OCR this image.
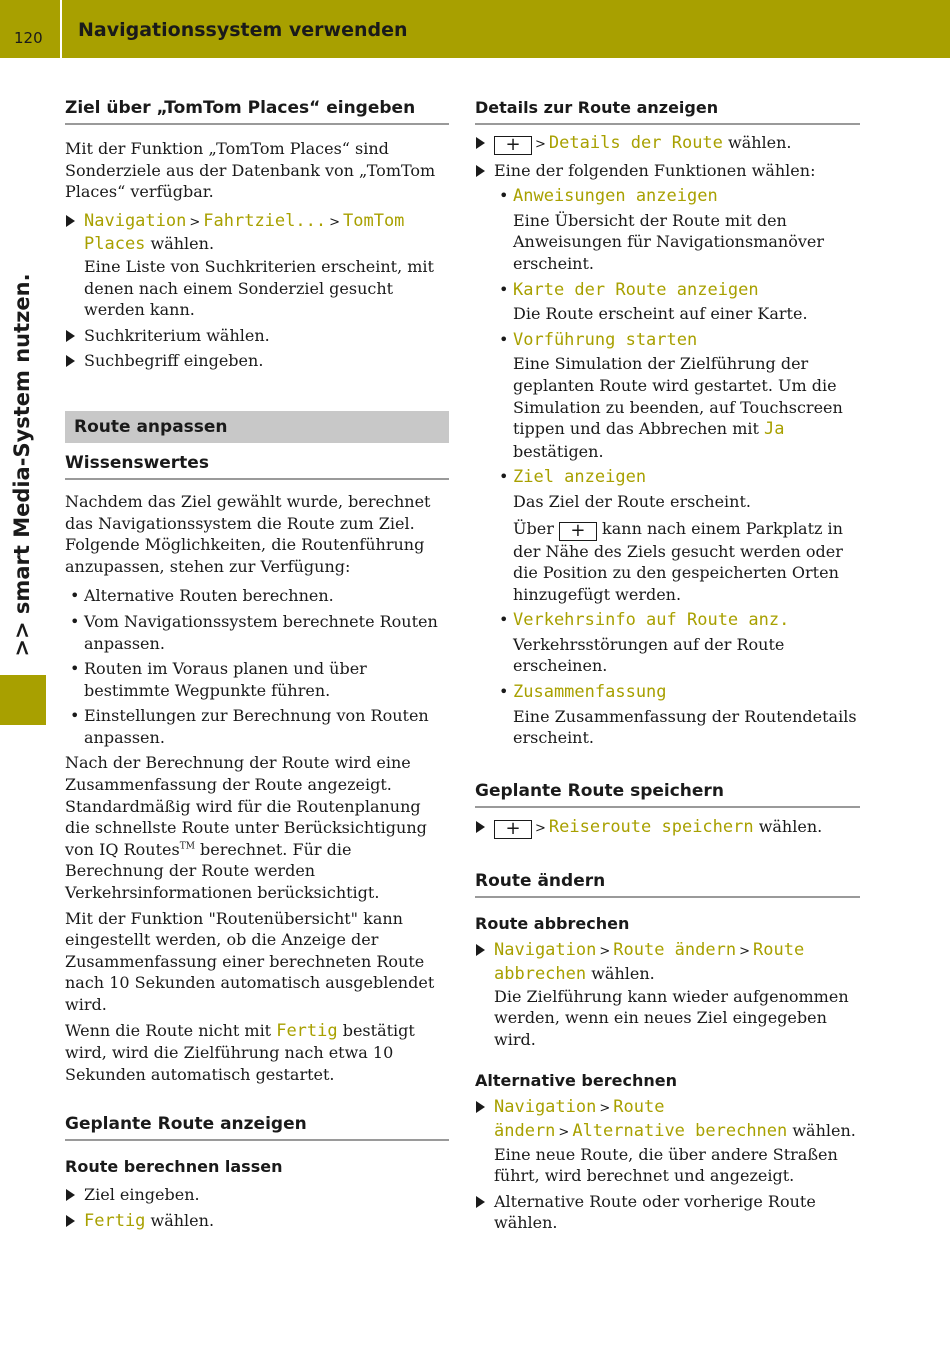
120 Navigationssystem verwenden
>> smart Media-System nutzen.
Ziel über „TomTom Places“ eingeben

Mit der Funktion „TomTom Places“ sind Sonderziele aus der Datenbank von „TomTom Places“ verfügbar.

Navigation > Fahrtziel... > TomTom Places wählen.
Eine Liste von Suchkriterien erscheint, mit denen nach einem Sonderziel gesucht werden kann.
Suchkriterium wählen.
Suchbegriff eingeben.
Route anpassen
Wissenswertes

Nachdem das Ziel gewählt wurde, berechnet das Navigationssystem die Route zum Ziel. Folgende Möglichkeiten, die Routenführung anzupassen, stehen zur Verfügung:

• Alternative Routen berechnen.
• Vom Navigationssystem berechnete Routen anpassen.
• Routen im Voraus planen und über bestimmte Wegpunkte führen.
• Einstellungen zur Berechnung von Routen anpassen.

Nach der Berechnung der Route wird eine Zusammenfassung der Route angezeigt. Standardmäßig wird für die Routenplanung die schnellste Route unter Berücksichtigung von IQ Routes™ berechnet. Für die Berechnung der Route werden Verkehrsinformationen berücksichtigt.

Mit der Funktion "Routenübersicht" kann eingestellt werden, ob die Anzeige der Zusammenfassung einer berechneten Route nach 10 Sekunden automatisch ausgeblendet wird.

Wenn die Route nicht mit Fertig bestätigt wird, wird die Zielführung nach etwa 10 Sekunden automatisch gestartet.

Geplante Route anzeigen
Route berechnen lassen
Ziel eingeben.
Fertig wählen.
Details zur Route anzeigen
+ > Details der Route wählen.
Eine der folgenden Funktionen wählen:
• Anweisungen anzeigen
Eine Übersicht der Route mit den Anweisungen für Navigationsmanöver erscheint.
• Karte der Route anzeigen
Die Route erscheint auf einer Karte.
• Vorführung starten
Eine Simulation der Zielführung der geplanten Route wird gestartet. Um die Simulation zu beenden, auf Touchscreen tippen und das Abbrechen mit Ja bestätigen.
• Ziel anzeigen
Das Ziel der Route erscheint.
Über + kann nach einem Parkplatz in der Nähe des Ziels gesucht werden oder die Position zu den gespeicherten Orten hinzugefügt werden.
• Verkehrsinfo auf Route anz.
Verkehrsstörungen auf der Route erscheinen.
• Zusammenfassung
Eine Zusammenfassung der Routendetails erscheint.
Geplante Route speichern
+ > Reiseroute speichern wählen.
Route ändern
Route abbrechen
Navigation > Route ändern > Route abbrechen wählen.
Die Zielführung kann wieder aufgenommen werden, wenn ein neues Ziel eingegeben wird.
Alternative berechnen
Navigation > Route ändern > Alternative berechnen wählen.
Eine neue Route, die über andere Straßen führt, wird berechnet und angezeigt.
Alternative Route oder vorherige Route wählen.
